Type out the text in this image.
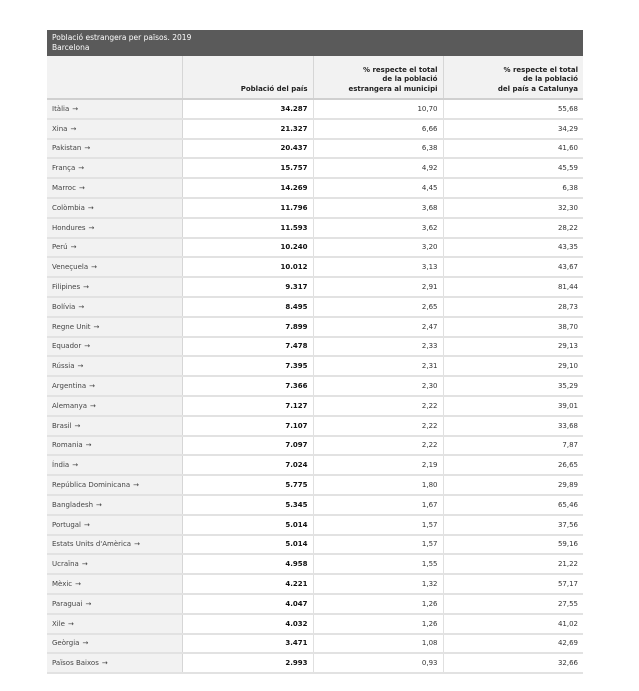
Població estrangera per països. 2019
Barcelona

	Població del país	% respecte el total
de la població
estrangera al municipi	% respecte el total
de la població
del país a Catalunya

Itàlia →	34.287	10,70	55,68
Xina →	21.327	6,66	34,29
Pakistan →	20.437	6,38	41,60
França →	15.757	4,92	45,59
Marroc →	14.269	4,45	6,38
Colòmbia →	11.796	3,68	32,30
Hondures →	11.593	3,62	28,22
Perú →	10.240	3,20	43,35
Veneçuela →	10.012	3,13	43,67
Filipines →	9.317	2,91	81,44
Bolívia →	8.495	2,65	28,73
Regne Unit →	7.899	2,47	38,70
Equador →	7.478	2,33	29,13
Rússia →	7.395	2,31	29,10
Argentina →	7.366	2,30	35,29
Alemanya →	7.127	2,22	39,01
Brasil →	7.107	2,22	33,68
Romania →	7.097	2,22	7,87
Índia →	7.024	2,19	26,65
República Dominicana →	5.775	1,80	29,89
Bangladesh →	5.345	1,67	65,46
Portugal →	5.014	1,57	37,56
Estats Units d'Amèrica →	5.014	1,57	59,16
Ucraïna →	4.958	1,55	21,22
Mèxic →	4.221	1,32	57,17
Paraguai →	4.047	1,26	27,55
Xile →	4.032	1,26	41,02
Geòrgia →	3.471	1,08	42,69
Països Baixos →	2.993	0,93	32,66
